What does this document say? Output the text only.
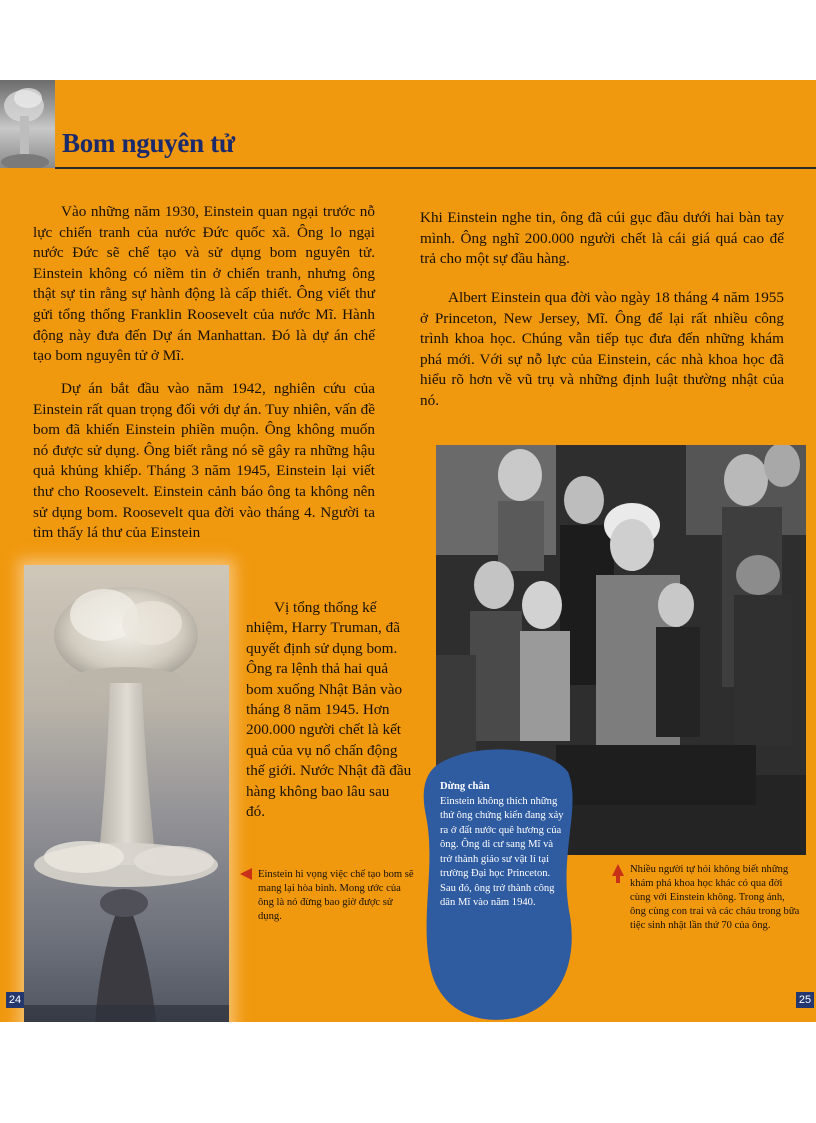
Bom nguyên tử

Vào những năm 1930, Einstein quan ngại trước nỗ lực chiến tranh của nước Đức quốc xã. Ông lo ngại nước Đức sẽ chế tạo và sử dụng bom nguyên tử. Einstein không có niềm tin ở chiến tranh, nhưng ông thật sự tin rằng sự hành động là cấp thiết. Ông viết thư gửi tổng thống Franklin Roosevelt của nước Mĩ. Hành động này đưa đến Dự án Manhattan. Đó là dự án chế tạo bom nguyên tử ở Mĩ.

Dự án bắt đầu vào năm 1942, nghiên cứu của Einstein rất quan trọng đối với dự án. Tuy nhiên, vấn đề bom đã khiến Einstein phiền muộn. Ông không muốn nó được sử dụng. Ông biết rằng nó sẽ gây ra những hậu quả khủng khiếp. Tháng 3 năm 1945, Einstein lại viết thư cho Roosevelt. Einstein cảnh báo ông ta không nên sử dụng bom. Roosevelt qua đời vào tháng 4. Người ta tìm thấy lá thư của Einstein

Khi Einstein nghe tin, ông đã cúi gục đầu dưới hai bàn tay mình. Ông nghĩ 200.000 người chết là cái giá quá cao để trả cho một sự đầu hàng.

Albert Einstein qua đời vào ngày 18 tháng 4 năm 1955 ở Princeton, New Jersey, Mĩ. Ông để lại rất nhiều công trình khoa học. Chúng vẫn tiếp tục đưa đến những khám phá mới. Với sự nỗ lực của Einstein, các nhà khoa học đã hiểu rõ hơn về vũ trụ và những định luật thường nhật của nó.

Vị tổng thống kế nhiệm, Harry Truman, đã quyết định sử dụng bom. Ông ra lệnh thả hai quả bom xuống Nhật Bản vào tháng 8 năm 1945. Hơn 200.000 người chết là kết quả của vụ nổ chấn động thế giới. Nước Nhật đã đầu hàng không bao lâu sau đó.

Einstein hi vọng việc chế tạo bom sẽ mang lại hòa bình. Mong ước của ông là nó đừng bao giờ được sử dụng.

Dừng chân
Einstein không thích những thứ ông chứng kiến đang xảy ra ở đất nước quê hương của ông. Ông di cư sang Mĩ và trở thành giáo sư vật lí tại trường Đại học Princeton. Sau đó, ông trở thành công dân Mĩ vào năm 1940.

Nhiều người tự hỏi không biết những khám phá khoa học khác có qua đời cùng với Einstein không. Trong ảnh, ông cùng con trai và các cháu trong bữa tiệc sinh nhật lần thứ 70 của ông.

24	25
